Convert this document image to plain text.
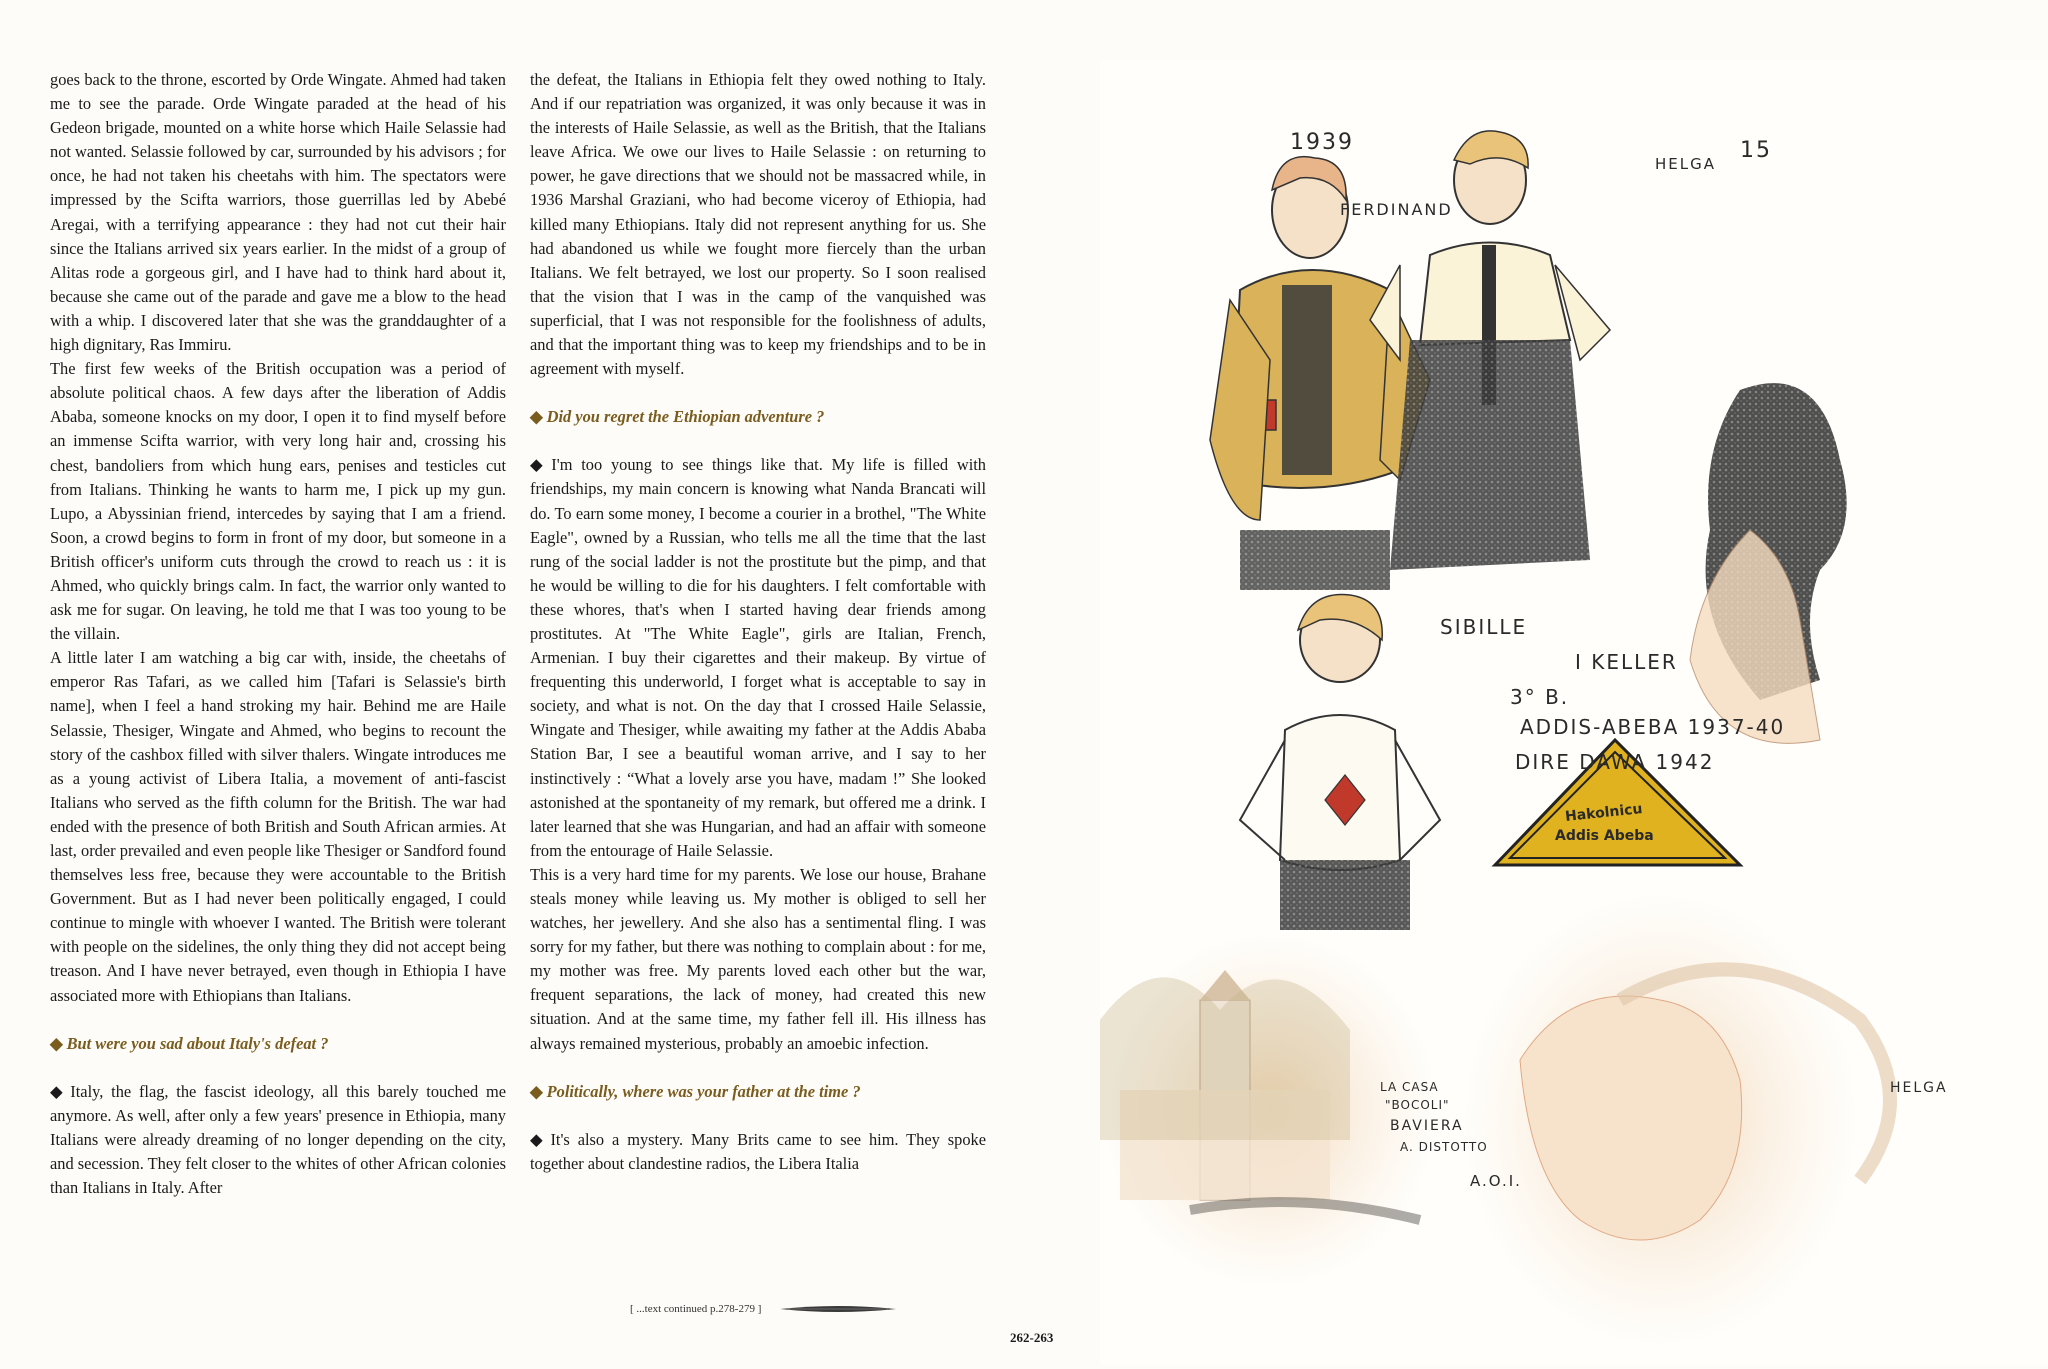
goes back to the throne, escorted by Orde Wingate. Ahmed had taken me to see the parade. Orde Wingate paraded at the head of his Gedeon brigade, mounted on a white horse which Haile Selassie had not wanted. Selassie followed by car, surrounded by his advisors ; for once, he had not taken his cheetahs with him. The spectators were impressed by the Scifta warriors, those guerrillas led by Abebé Aregai, with a terrifying appearance : they had not cut their hair since the Italians arrived six years earlier. In the midst of a group of Alitas rode a gorgeous girl, and I have had to think hard about it, because she came out of the parade and gave me a blow to the head with a whip. I discovered later that she was the granddaughter of a high dignitary, Ras Immiru.

The first few weeks of the British occupation was a period of absolute political chaos. A few days after the liberation of Addis Ababa, someone knocks on my door, I open it to find myself before an immense Scifta warrior, with very long hair and, crossing his chest, bandoliers from which hung ears, penises and testicles cut from Italians. Thinking he wants to harm me, I pick up my gun. Lupo, a Abyssinian friend, intercedes by saying that I am a friend. Soon, a crowd begins to form in front of my door, but someone in a British officer's uniform cuts through the crowd to reach us : it is Ahmed, who quickly brings calm. In fact, the warrior only wanted to ask me for sugar. On leaving, he told me that I was too young to be the villain.

A little later I am watching a big car with, inside, the cheetahs of emperor Ras Tafari, as we called him [Tafari is Selassie's birth name], when I feel a hand stroking my hair. Behind me are Haile Selassie, Thesiger, Wingate and Ahmed, who begins to recount the story of the cashbox filled with silver thalers. Wingate introduces me as a young activist of Libera Italia, a movement of anti-fascist Italians who served as the fifth column for the British. The war had ended with the presence of both British and South African armies. At last, order prevailed and even people like Thesiger or Sandford found themselves less free, because they were accountable to the British Government. But as I had never been politically engaged, I could continue to mingle with whoever I wanted. The British were tolerant with people on the sidelines, the only thing they did not accept being treason. And I have never betrayed, even though in Ethiopia I have associated more with Ethiopians than Italians.

◆ But were you sad about Italy's defeat ?

◆ Italy, the flag, the fascist ideology, all this barely touched me anymore. As well, after only a few years' presence in Ethiopia, many Italians were already dreaming of no longer depending on the city, and secession. They felt closer to the whites of other African colonies than Italians in Italy. After

the defeat, the Italians in Ethiopia felt they owed nothing to Italy. And if our repatriation was organized, it was only because it was in the interests of Haile Selassie, as well as the British, that the Italians leave Africa. We owe our lives to Haile Selassie : on returning to power, he gave directions that we should not be massacred while, in 1936 Marshal Graziani, who had become viceroy of Ethiopia, had killed many Ethiopians. Italy did not represent anything for us. She had abandoned us while we fought more fiercely than the urban Italians. We felt betrayed, we lost our property. So I soon realised that the vision that I was in the camp of the vanquished was superficial, that I was not responsible for the foolishness of adults, and that the important thing was to keep my friendships and to be in agreement with myself.

◆ Did you regret the Ethiopian adventure ?

◆ I'm too young to see things like that. My life is filled with friendships, my main concern is knowing what Nanda Brancati will do. To earn some money, I become a courier in a brothel, "The White Eagle", owned by a Russian, who tells me all the time that the last rung of the social ladder is not the prostitute but the pimp, and that he would be willing to die for his daughters. I felt comfortable with these whores, that's when I started having dear friends among prostitutes. At "The White Eagle", girls are Italian, French, Armenian. I buy their cigarettes and their makeup. By virtue of frequenting this underworld, I forget what is acceptable to say in society, and what is not. On the day that I crossed Haile Selassie, Wingate and Thesiger, while awaiting my father at the Addis Ababa Station Bar, I see a beautiful woman arrive, and I say to her instinctively : “What a lovely arse you have, madam !” She looked astonished at the spontaneity of my remark, but offered me a drink. I later learned that she was Hungarian, and had an affair with someone from the entourage of Haile Selassie.

This is a very hard time for my parents. We lose our house, Brahane steals money while leaving us. My mother is obliged to sell her watches, her jewellery. And she also has a sentimental fling. I was sorry for my father, but there was nothing to complain about : for me, my mother was free. My parents loved each other but the war, frequent separations, the lack of money, had created this new situation. And at the same time, my father fell ill. His illness has always remained mysterious, probably an amoebic infection.

◆ Politically, where was your father at the time ?

◆ It's also a mystery. Many Brits came to see him. They spoke together about clandestine radios, the Libera Italia

[ ...text continued p.278-279 ]
262-263
1939
FERDINAND
HELGA
15
SIBILLE
I KELLER
3° B.
ADDIS-ABEBA 1937-40
DIRE DAWA 1942
Hakolnicu
Addis Abeba
LA CASA
"BOCOLI"
BAVIERA
A. DISTOTTO
A.O.I.
HELGA
